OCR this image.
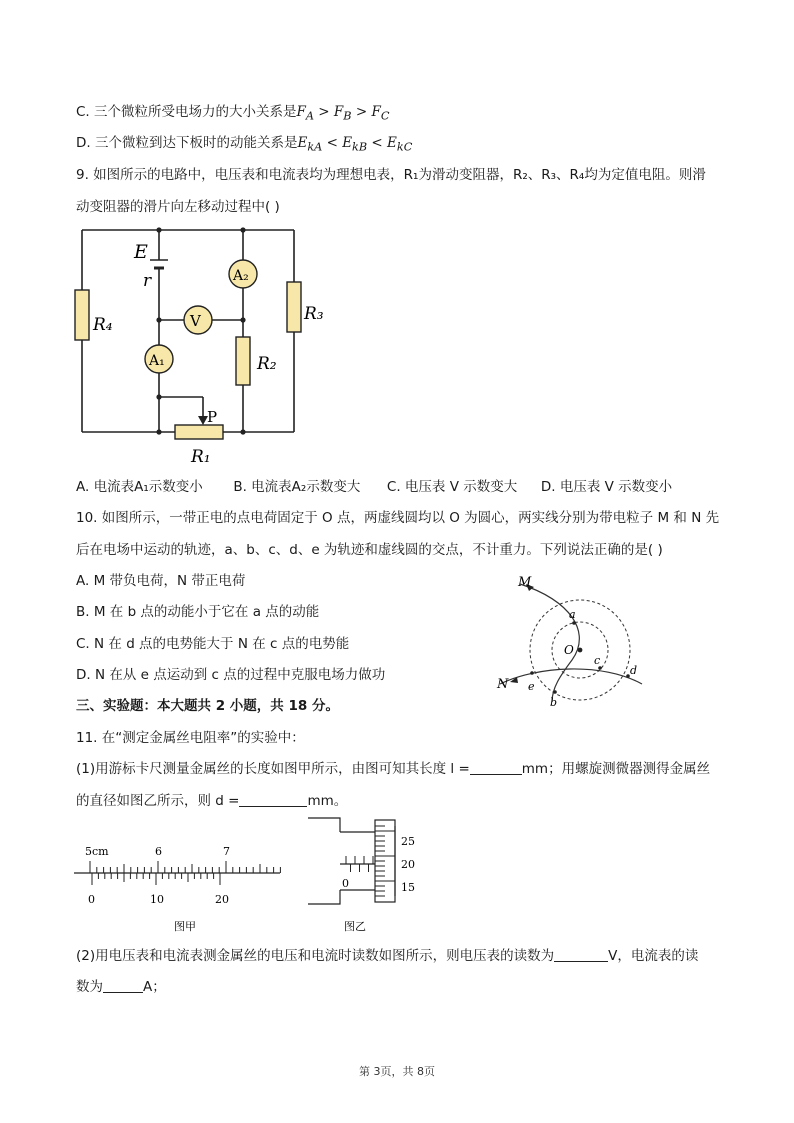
C. 三个微粒所受电场力的大小关系是$F_A > F_B > F_C$
D. 三个微粒到达下板时的动能关系是$E_{kA} < E_{kB} < E_{kC}$
9. 如图所示的电路中，电压表和电流表均为理想电表，R₁为滑动变阻器，R₂、R₃、R₄均为定值电阻。则滑
动变阻器的滑片向左移动过程中( )
E
r	A₂
V
A₁
R₄
R₃
R₂
R₁
P
A. 电流表A₁示数变小 B. 电流表A₂示数变大 C. 电压表 V 示数变大 D. 电压表 V 示数变小
10. 如图所示，一带正电的点电荷固定于 O 点，两虚线圆均以 O 为圆心，两实线分别为带电粒子 M 和 N 先
后在电场中运动的轨迹，a、b、c、d、e 为轨迹和虚线圆的交点，不计重力。下列说法正确的是( )
A. M 带负电荷，N 带正电荷
B. M 在 b 点的动能小于它在 a 点的动能
C. N 在 d 点的电势能大于 N 在 c 点的电势能
D. N 在从 e 点运动到 c 点的过程中克服电场力做功
M
N
O
a
b
c
d
e
三、实验题：本大题共 2 小题，共 18 分。
11. 在“测定金属丝电阻率”的实验中：
(1)用游标卡尺测量金属丝的长度如图甲所示，由图可知其长度 l =	mm；用螺旋测微器测得金属丝
的直径如图乙所示，则 d =	mm。
5cm	6	7
0	10	20
图甲
25
20
15
0
图乙
(2)用电压表和电流表测金属丝的电压和电流时读数如图所示，则电压表的读数为	V，电流表的读
数为	A；
第 3页，共 8页
